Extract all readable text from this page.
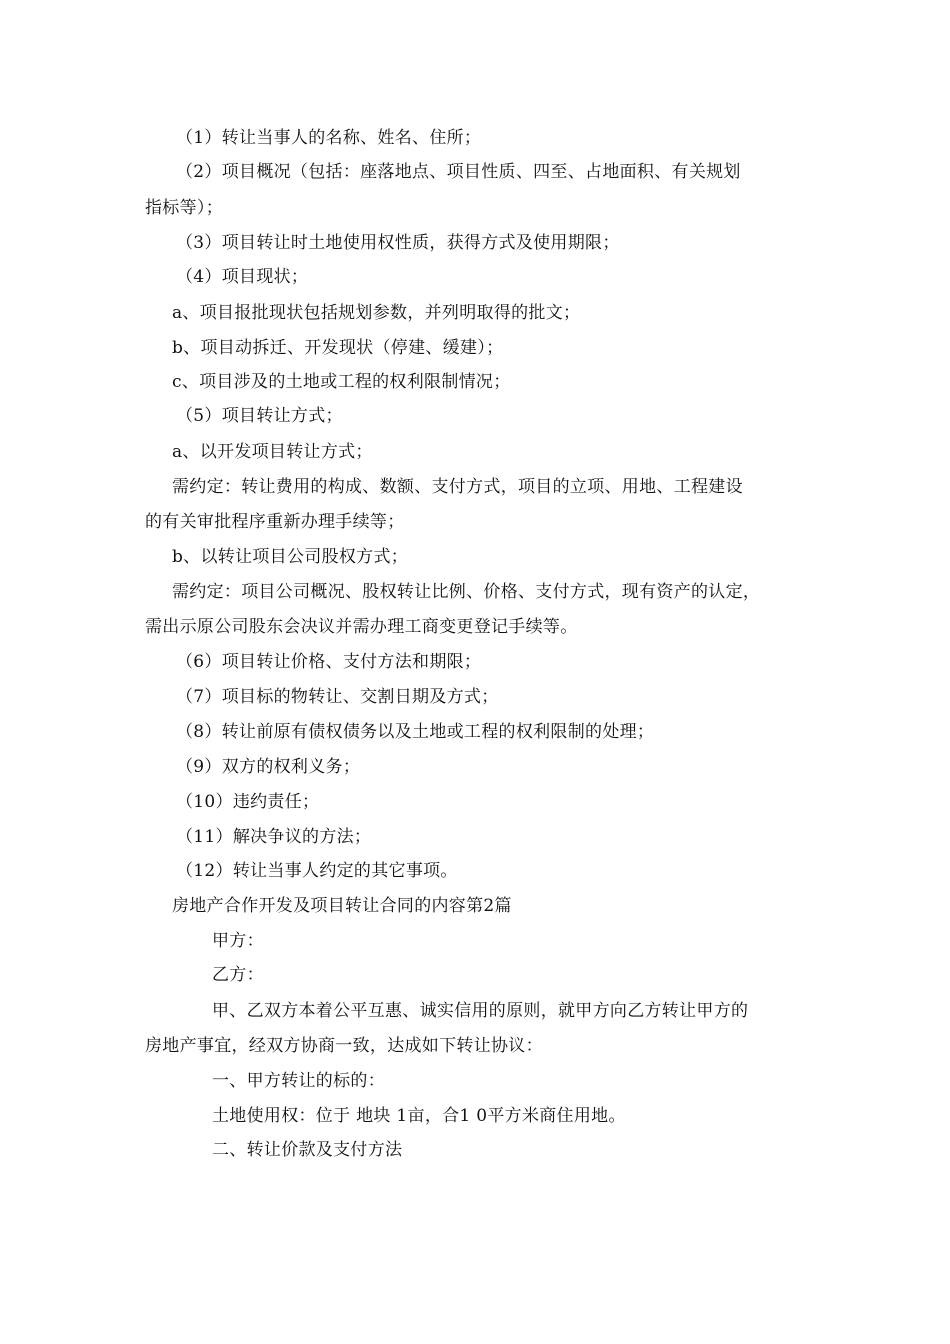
（1）转让当事人的名称、姓名、住所；
（2）项目概况（包括：座落地点、项目性质、四至、占地面积、有关规划
指标等）；
（3）项目转让时土地使用权性质，获得方式及使用期限；
（4）项目现状；
a、项目报批现状包括规划参数，并列明取得的批文；
b、项目动拆迁、开发现状（停建、缓建）；
c、项目涉及的土地或工程的权利限制情况；
（5）项目转让方式；
a、以开发项目转让方式；
需约定：转让费用的构成、数额、支付方式，项目的立项、用地、工程建设
的有关审批程序重新办理手续等；
b、以转让项目公司股权方式；
需约定：项目公司概况、股权转让比例、价格、支付方式，现有资产的认定，
需出示原公司股东会决议并需办理工商变更登记手续等。
（6）项目转让价格、支付方法和期限；
（7）项目标的物转让、交割日期及方式；
（8）转让前原有债权债务以及土地或工程的权利限制的处理；
（9）双方的权利义务；
（10）违约责任；
（11）解决争议的方法；
（12）转让当事人约定的其它事项。
房地产合作开发及项目转让合同的内容第2篇
甲方：
乙方：
甲、乙双方本着公平互惠、诚实信用的原则，就甲方向乙方转让甲方的
房地产事宜，经双方协商一致，达成如下转让协议：
一、甲方转让的标的：
土地使用权：位于 地块 1亩，合1 0平方米商住用地。
二、转让价款及支付方法
